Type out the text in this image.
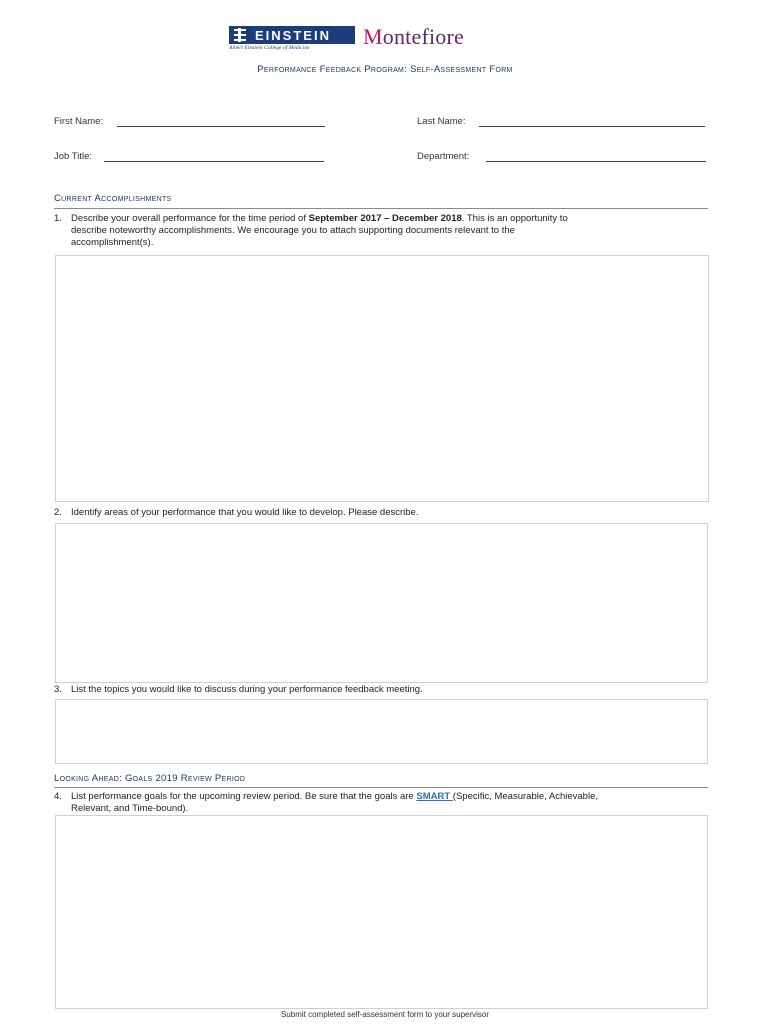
EINSTEIN
Albert Einstein College of Medicine Montefiore
Performance Feedback Program: Self-Assessment Form
First Name:	Last Name:
Job Title:	Department:
Current Accomplishments
1. Describe your overall performance for the time period of September 2017 – December 2018. This is an opportunity to
describe noteworthy accomplishments. We encourage you to attach supporting documents relevant to the
accomplishment(s).
2. Identify areas of your performance that you would like to develop. Please describe.
3. List the topics you would like to discuss during your performance feedback meeting.
Looking Ahead: Goals 2019 Review Period
4. List performance goals for the upcoming review period. Be sure that the goals are SMART (Specific, Measurable, Achievable,
Relevant, and Time-bound).
Submit completed self-assessment form to your supervisor
